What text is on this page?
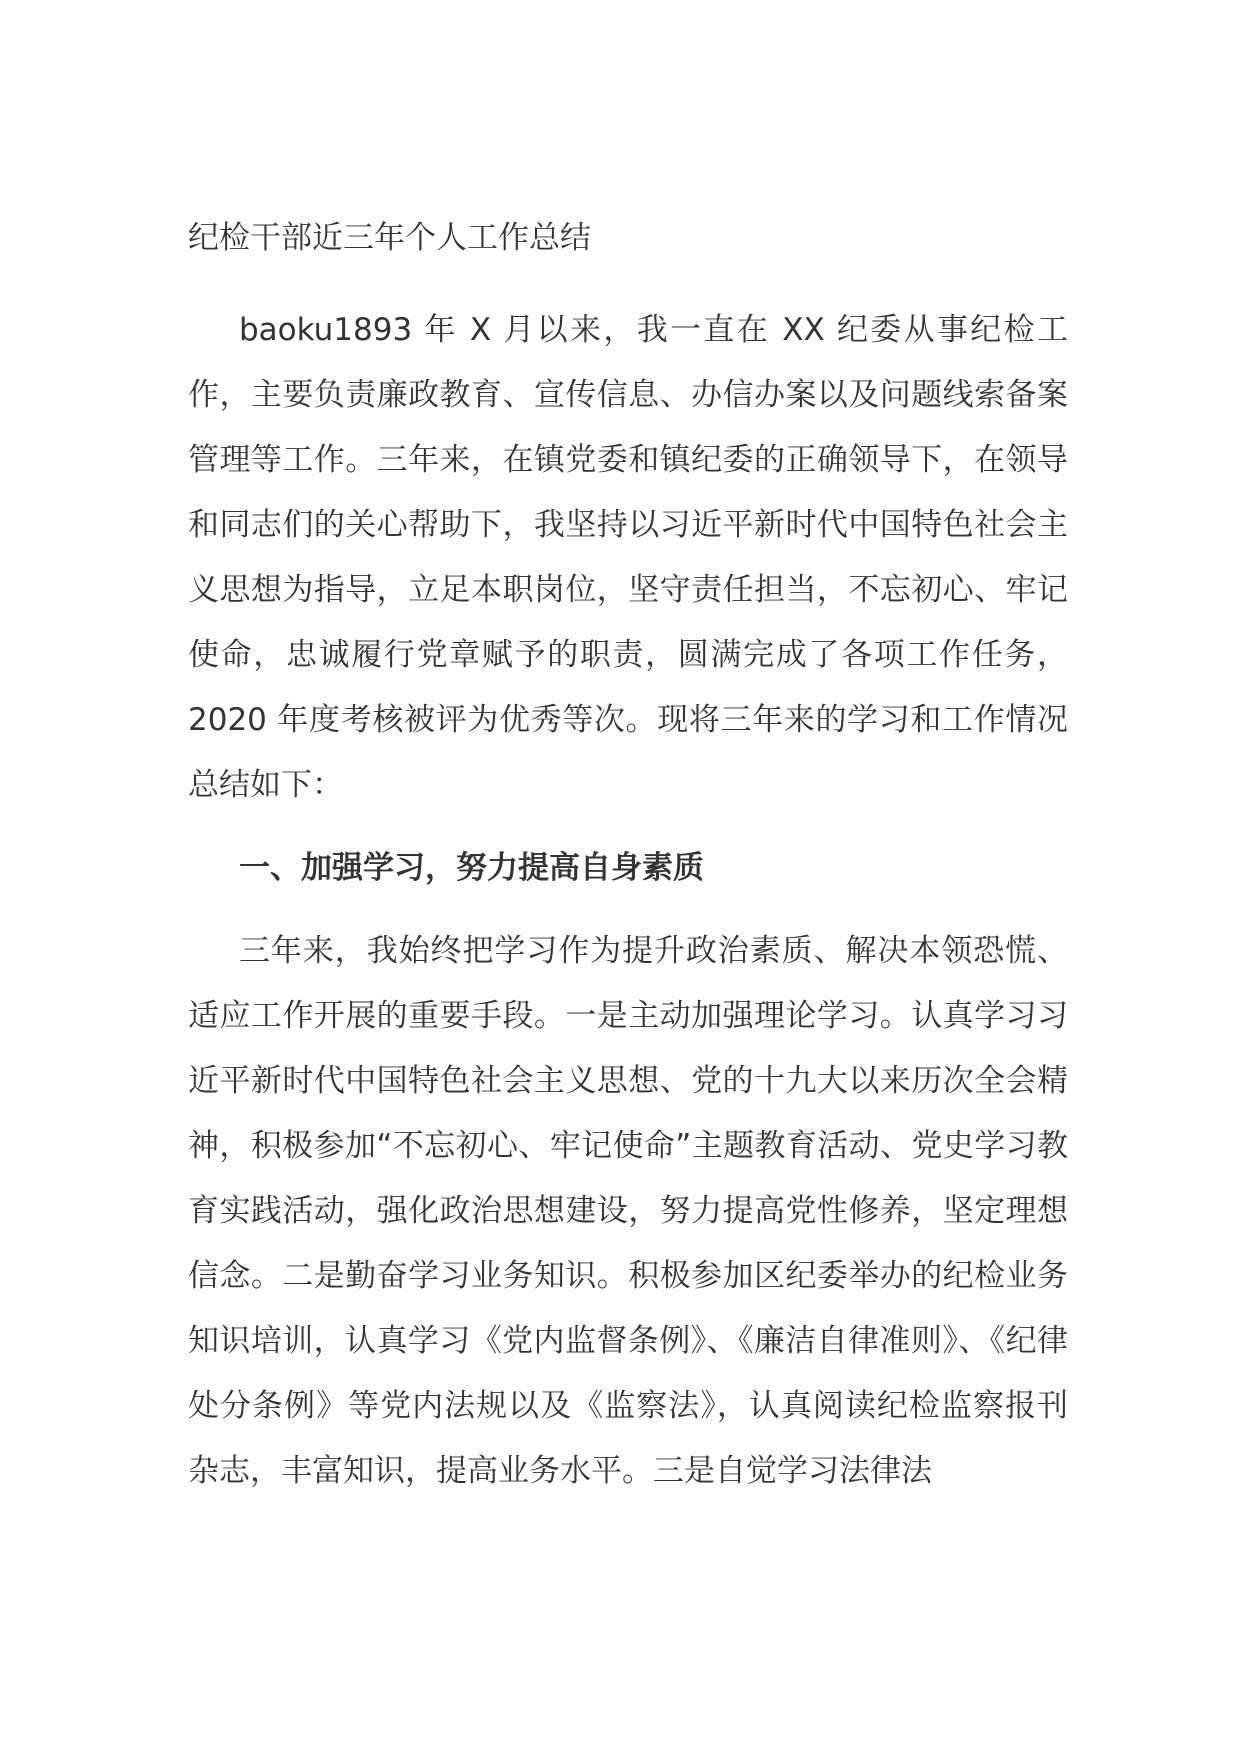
纪检干部近三年个人工作总结

baoku1893 年 X 月以来，我一直在 XX 纪委从事纪检工作，主要负责廉政教育、宣传信息、办信办案以及问题线索备案管理等工作。三年来，在镇党委和镇纪委的正确领导下，在领导和同志们的关心帮助下，我坚持以习近平新时代中国特色社会主义思想为指导，立足本职岗位，坚守责任担当，不忘初心、牢记使命，忠诚履行党章赋予的职责，圆满完成了各项工作任务，2020 年度考核被评为优秀等次。现将三年来的学习和工作情况总结如下：

一、加强学习，努力提高自身素质

三年来，我始终把学习作为提升政治素质、解决本领恐慌、适应工作开展的重要手段。一是主动加强理论学习。认真学习习近平新时代中国特色社会主义思想、党的十九大以来历次全会精神，积极参加“不忘初心、牢记使命”主题教育活动、党史学习教育实践活动，强化政治思想建设，努力提高党性修养，坚定理想信念。二是勤奋学习业务知识。积极参加区纪委举办的纪检业务知识培训，认真学习《党内监督条例》、《廉洁自律准则》、《纪律处分条例》等党内法规以及《监察法》，认真阅读纪检监察报刊杂志，丰富知识，提高业务水平。三是自觉学习法律法
